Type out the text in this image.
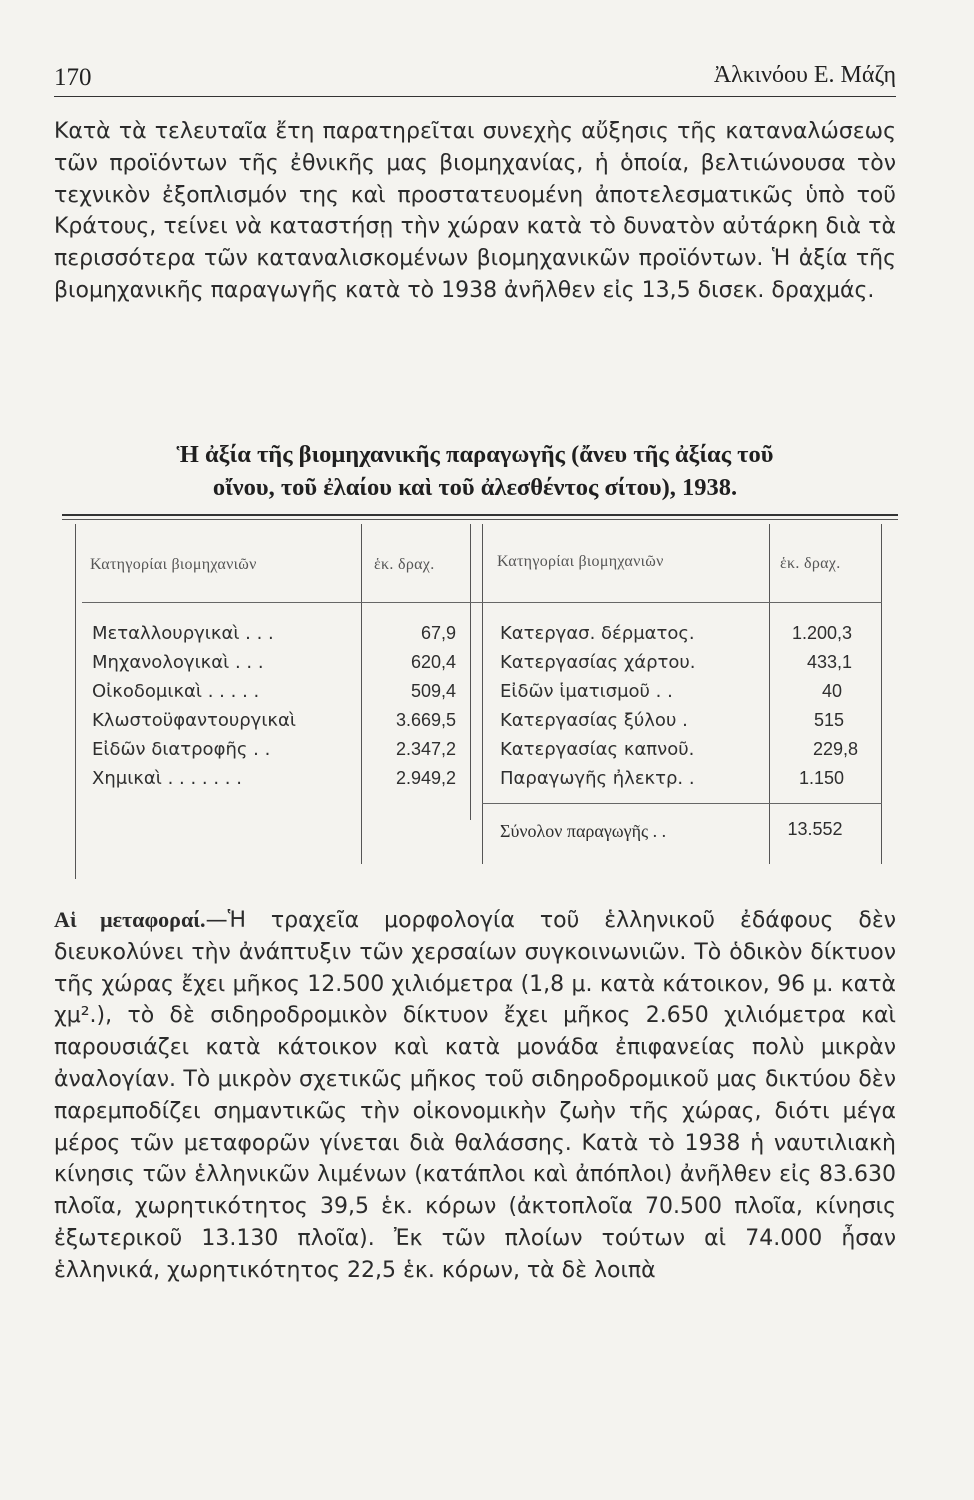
170	Ἀλκινόου Ε. Μάζη

Κατὰ τὰ τελευταῖα ἔτη παρατηρεῖται συνεχὴς αὔξησις τῆς καταναλώσεως τῶν προϊόντων τῆς ἐθνικῆς μας βιομηχανίας, ἡ ὁποία, βελτιώνουσα τὸν τεχνικὸν ἐξοπλισμόν της καὶ προστατευομένη ἀποτελεσματικῶς ὑπὸ τοῦ Κράτους, τείνει νὰ καταστήσῃ τὴν χώραν κατὰ τὸ δυνατὸν αὐτάρκη διὰ τὰ περισσότερα τῶν καταναλισκομένων βιομηχανικῶν προϊόντων. Ἡ ἀξία τῆς βιομηχανικῆς παραγωγῆς κατὰ τὸ 1938 ἀνῆλθεν εἰς 13,5 δισεκ. δραχμάς.

Ἡ ἀξία τῆς βιομηχανικῆς παραγωγῆς (ἄνευ τῆς ἀξίας τοῦ
οἴνου, τοῦ ἐλαίου καὶ τοῦ ἀλεσθέντος σίτου), 1938.
Κατηγορίαι βιομηχανιῶν	ἑκ. δραχ.	Κατηγορίαι βιομηχανιῶν	ἑκ. δραχ.
Μεταλλουργικαὶ . . .	67,9
Μηχανολογικαὶ . . .	620,4
Οἰκοδομικαὶ . . . . .	509,4
Κλωστοϋφαντουργικαὶ	3.669,5
Εἰδῶν διατροφῆς . .	2.347,2
Χημικαὶ . . . . . . .	2.949,2
Κατεργασ. δέρματος.	1.200,3
Κατεργασίας χάρτου.	433,1
Εἰδῶν ἱματισμοῦ . .	40
Κατεργασίας ξύλου .	515
Κατεργασίας καπνοῦ.	229,8
Παραγωγῆς ἠλεκτρ. .	1.150
Σύνολον παραγωγῆς . .	13.552

Αἱ μεταφοραί.—Ἡ τραχεῖα μορφολογία τοῦ ἑλληνικοῦ ἐδάφους δὲν διευκολύνει τὴν ἀνάπτυξιν τῶν χερσαίων συγκοινωνιῶν. Τὸ ὁδικὸν δίκτυον τῆς χώρας ἔχει μῆκος 12.500 χιλιόμετρα (1,8 μ. κατὰ κάτοικον, 96 μ. κατὰ χμ².), τὸ δὲ σιδηροδρομικὸν δίκτυον ἔχει μῆκος 2.650 χιλιόμετρα καὶ παρουσιάζει κατὰ κάτοικον καὶ κατὰ μονάδα ἐπιφανείας πολὺ μικρὰν ἀναλογίαν. Τὸ μικρὸν σχετικῶς μῆκος τοῦ σιδηροδρομικοῦ μας δικτύου δὲν παρεμποδίζει σημαντικῶς τὴν οἰκονομικὴν ζωὴν τῆς χώρας, διότι μέγα μέρος τῶν μεταφορῶν γίνεται διὰ θαλάσσης. Κατὰ τὸ 1938 ἡ ναυτιλιακὴ κίνησις τῶν ἑλληνικῶν λιμένων (κατάπλοι καὶ ἀπόπλοι) ἀνῆλθεν εἰς 83.630 πλοῖα, χωρητικότητος 39,5 ἑκ. κόρων (ἀκτοπλοῖα 70.500 πλοῖα, κίνησις ἐξωτερικοῦ 13.130 πλοῖα). Ἐκ τῶν πλοίων τούτων αἱ 74.000 ἦσαν ἑλληνικά, χωρητικότητος 22,5 ἑκ. κόρων, τὰ δὲ λοιπὰ
